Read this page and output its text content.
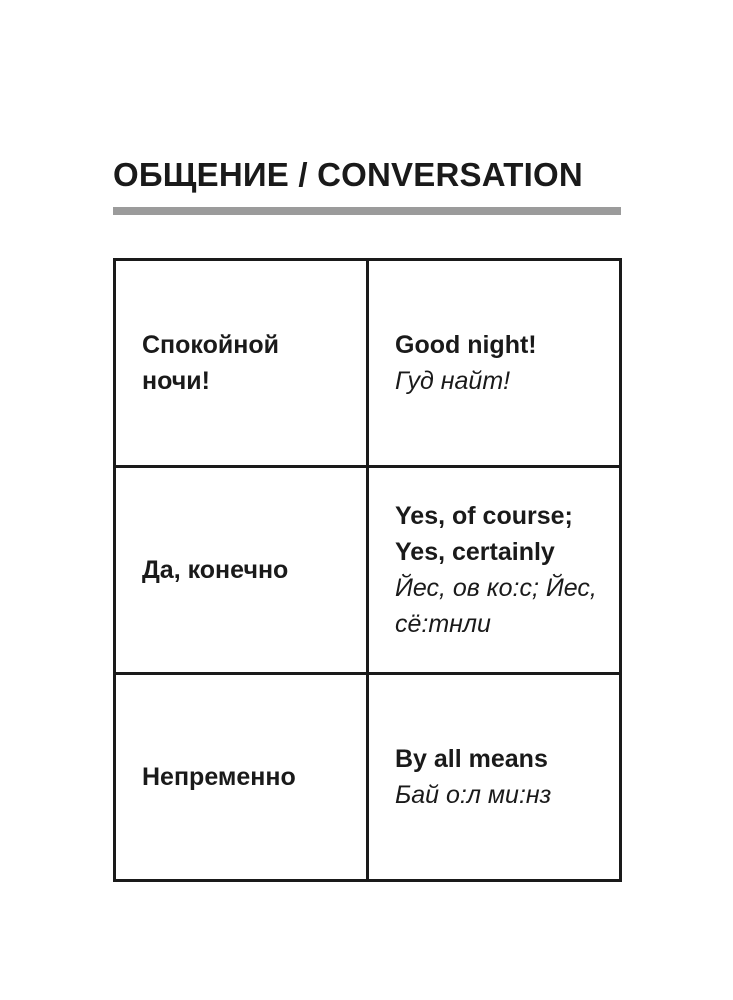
ОБЩЕНИЕ / CONVERSATION
Спокойной ночи!	Good night!
Гуд найт!

Да, конечно	Yes, of course; Yes, certainly
Йес, ов ко:с; Йес, сё:тнли

Непременно	By all means
Бай о:л ми:нз
